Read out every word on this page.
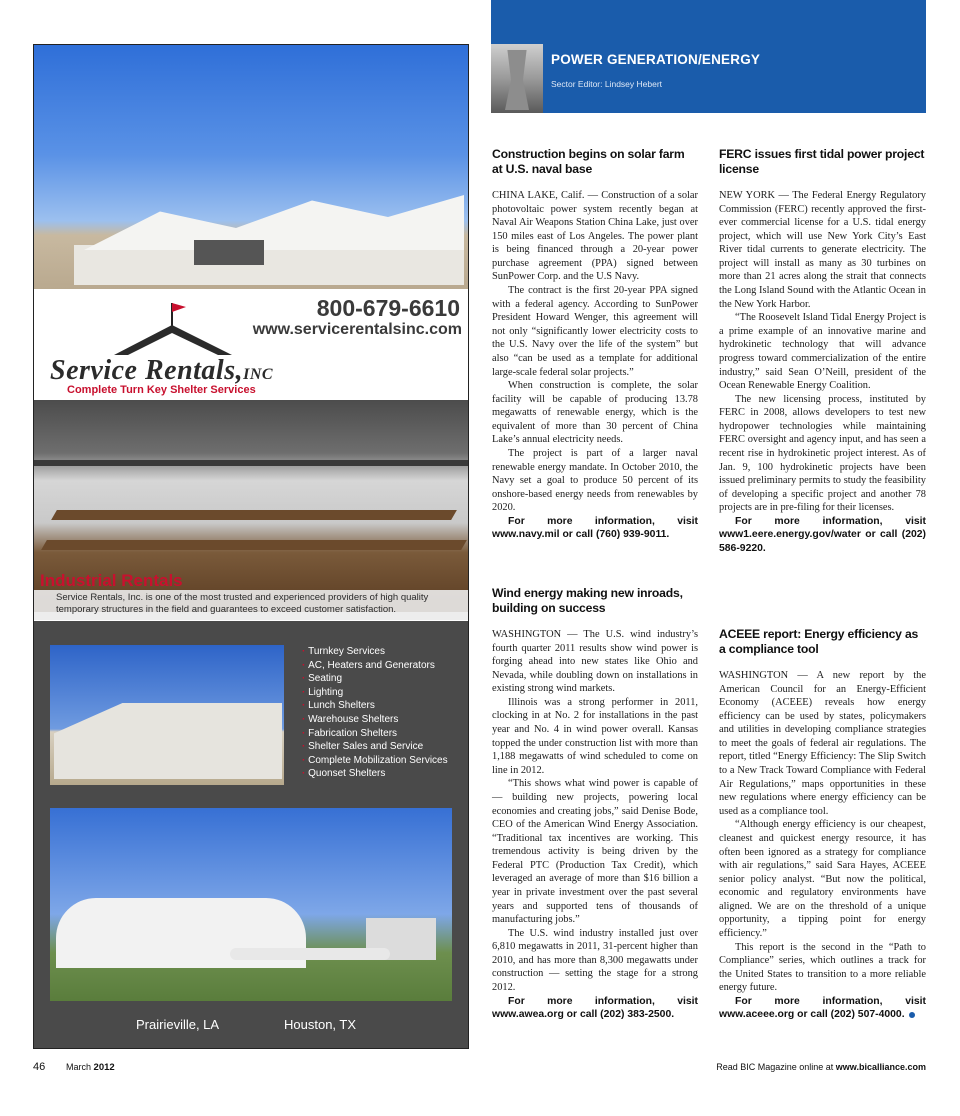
800-679-6610
www.servicerentalsinc.com
Service Rentals,INC
Complete Turn Key Shelter Services
Industrial Rentals
Service Rentals, Inc. is one of the most trusted and experienced providers of high quality temporary structures in the field and guarantees to exceed customer satisfaction.
· Turnkey Services
· AC, Heaters and Generators
· Seating
· Lighting
· Lunch Shelters
· Warehouse Shelters
· Fabrication Shelters
· Shelter Sales and Service
· Complete Mobilization Services
· Quonset Shelters
Prairieville, LA	Houston, TX
POWER GENERATION/ENERGY
Sector Editor: Lindsey Hebert
Construction begins on solar farm at U.S. naval base

CHINA LAKE, Calif. — Construction of a solar photovoltaic power system recently began at Naval Air Weapons Station China Lake, just over 150 miles east of Los Angeles. The power plant is being financed through a 20-year power purchase agreement (PPA) signed between SunPower Corp. and the U.S Navy.

The contract is the first 20-year PPA signed with a federal agency. According to SunPower President Howard Wenger, this agreement will not only “significantly lower electricity costs to the U.S. Navy over the life of the system” but also “can be used as a template for additional large-scale federal solar projects.”

When construction is complete, the solar facility will be capable of producing 13.78 megawatts of renewable energy, which is the equivalent of more than 30 percent of China Lake’s annual electricity needs.

The project is part of a larger naval renewable energy mandate. In October 2010, the Navy set a goal to produce 50 percent of its onshore-based energy needs from renewables by 2020.

For more information, visit www.navy.mil or call (760) 939-9011.

Wind energy making new inroads, building on success

WASHINGTON — The U.S. wind industry’s fourth quarter 2011 results show wind power is forging ahead into new states like Ohio and Nevada, while doubling down on installations in existing strong wind markets.

Illinois was a strong performer in 2011, clocking in at No. 2 for installations in the past year and No. 4 in wind power overall. Kansas topped the under construction list with more than 1,188 megawatts of wind scheduled to come on line in 2012.

“This shows what wind power is capable of — building new projects, powering local economies and creating jobs,” said Denise Bode, CEO of the American Wind Energy Association. “Traditional tax incentives are working. This tremendous activity is being driven by the Federal PTC (Production Tax Credit), which leveraged an average of more than $16 billion a year in private investment over the past several years and supported tens of thousands of manufacturing jobs.”

The U.S. wind industry installed just over 6,810 megawatts in 2011, 31-percent higher than 2010, and has more than 8,300 megawatts under construction — setting the stage for a strong 2012.

For more information, visit www.awea.org or call (202) 383-2500.

FERC issues first tidal power project license

NEW YORK — The Federal Energy Regulatory Commission (FERC) recently approved the first-ever commercial license for a U.S. tidal energy project, which will use New York City’s East River tidal currents to generate electricity. The project will install as many as 30 turbines on more than 21 acres along the strait that connects the Long Island Sound with the Atlantic Ocean in the New York Harbor.

“The Roosevelt Island Tidal Energy Project is a prime example of an innovative marine and hydrokinetic technology that will advance progress toward commercialization of the entire industry,” said Sean O’Neill, president of the Ocean Renewable Energy Coalition.

The new licensing process, instituted by FERC in 2008, allows developers to test new hydropower technologies while maintaining FERC oversight and agency input, and has seen a recent rise in hydrokinetic project interest. As of Jan. 9, 100 hydrokinetic projects have been issued preliminary permits to study the feasibility of developing a specific project and another 78 projects are in pre-filing for their licenses.

For more information, visit www1.eere.energy.gov/water or call (202) 586-9220.

ACEEE report: Energy efficiency as a compliance tool

WASHINGTON — A new report by the American Council for an Energy-Efficient Economy (ACEEE) reveals how energy efficiency can be used by states, policymakers and utilities in developing compliance strategies to meet the goals of federal air regulations. The report, titled “Energy Efficiency: The Slip Switch to a New Track Toward Compliance with Federal Air Regulations,” maps opportunities in these new regulations where energy efficiency can be used as a compliance tool.

“Although energy efficiency is our cheapest, cleanest and quickest energy resource, it has often been ignored as a strategy for compliance with air regulations,” said Sara Hayes, ACEEE senior policy analyst. “But now the political, economic and regulatory environments have aligned. We are on the threshold of a unique opportunity, a tipping point for energy efficiency.”

This report is the second in the “Path to Compliance” series, which outlines a track for the United States to transition to a more reliable energy future.

For more information, visit www.aceee.org or call (202) 507-4000.

46 March 2012	Read BIC Magazine online at www.bicalliance.com
